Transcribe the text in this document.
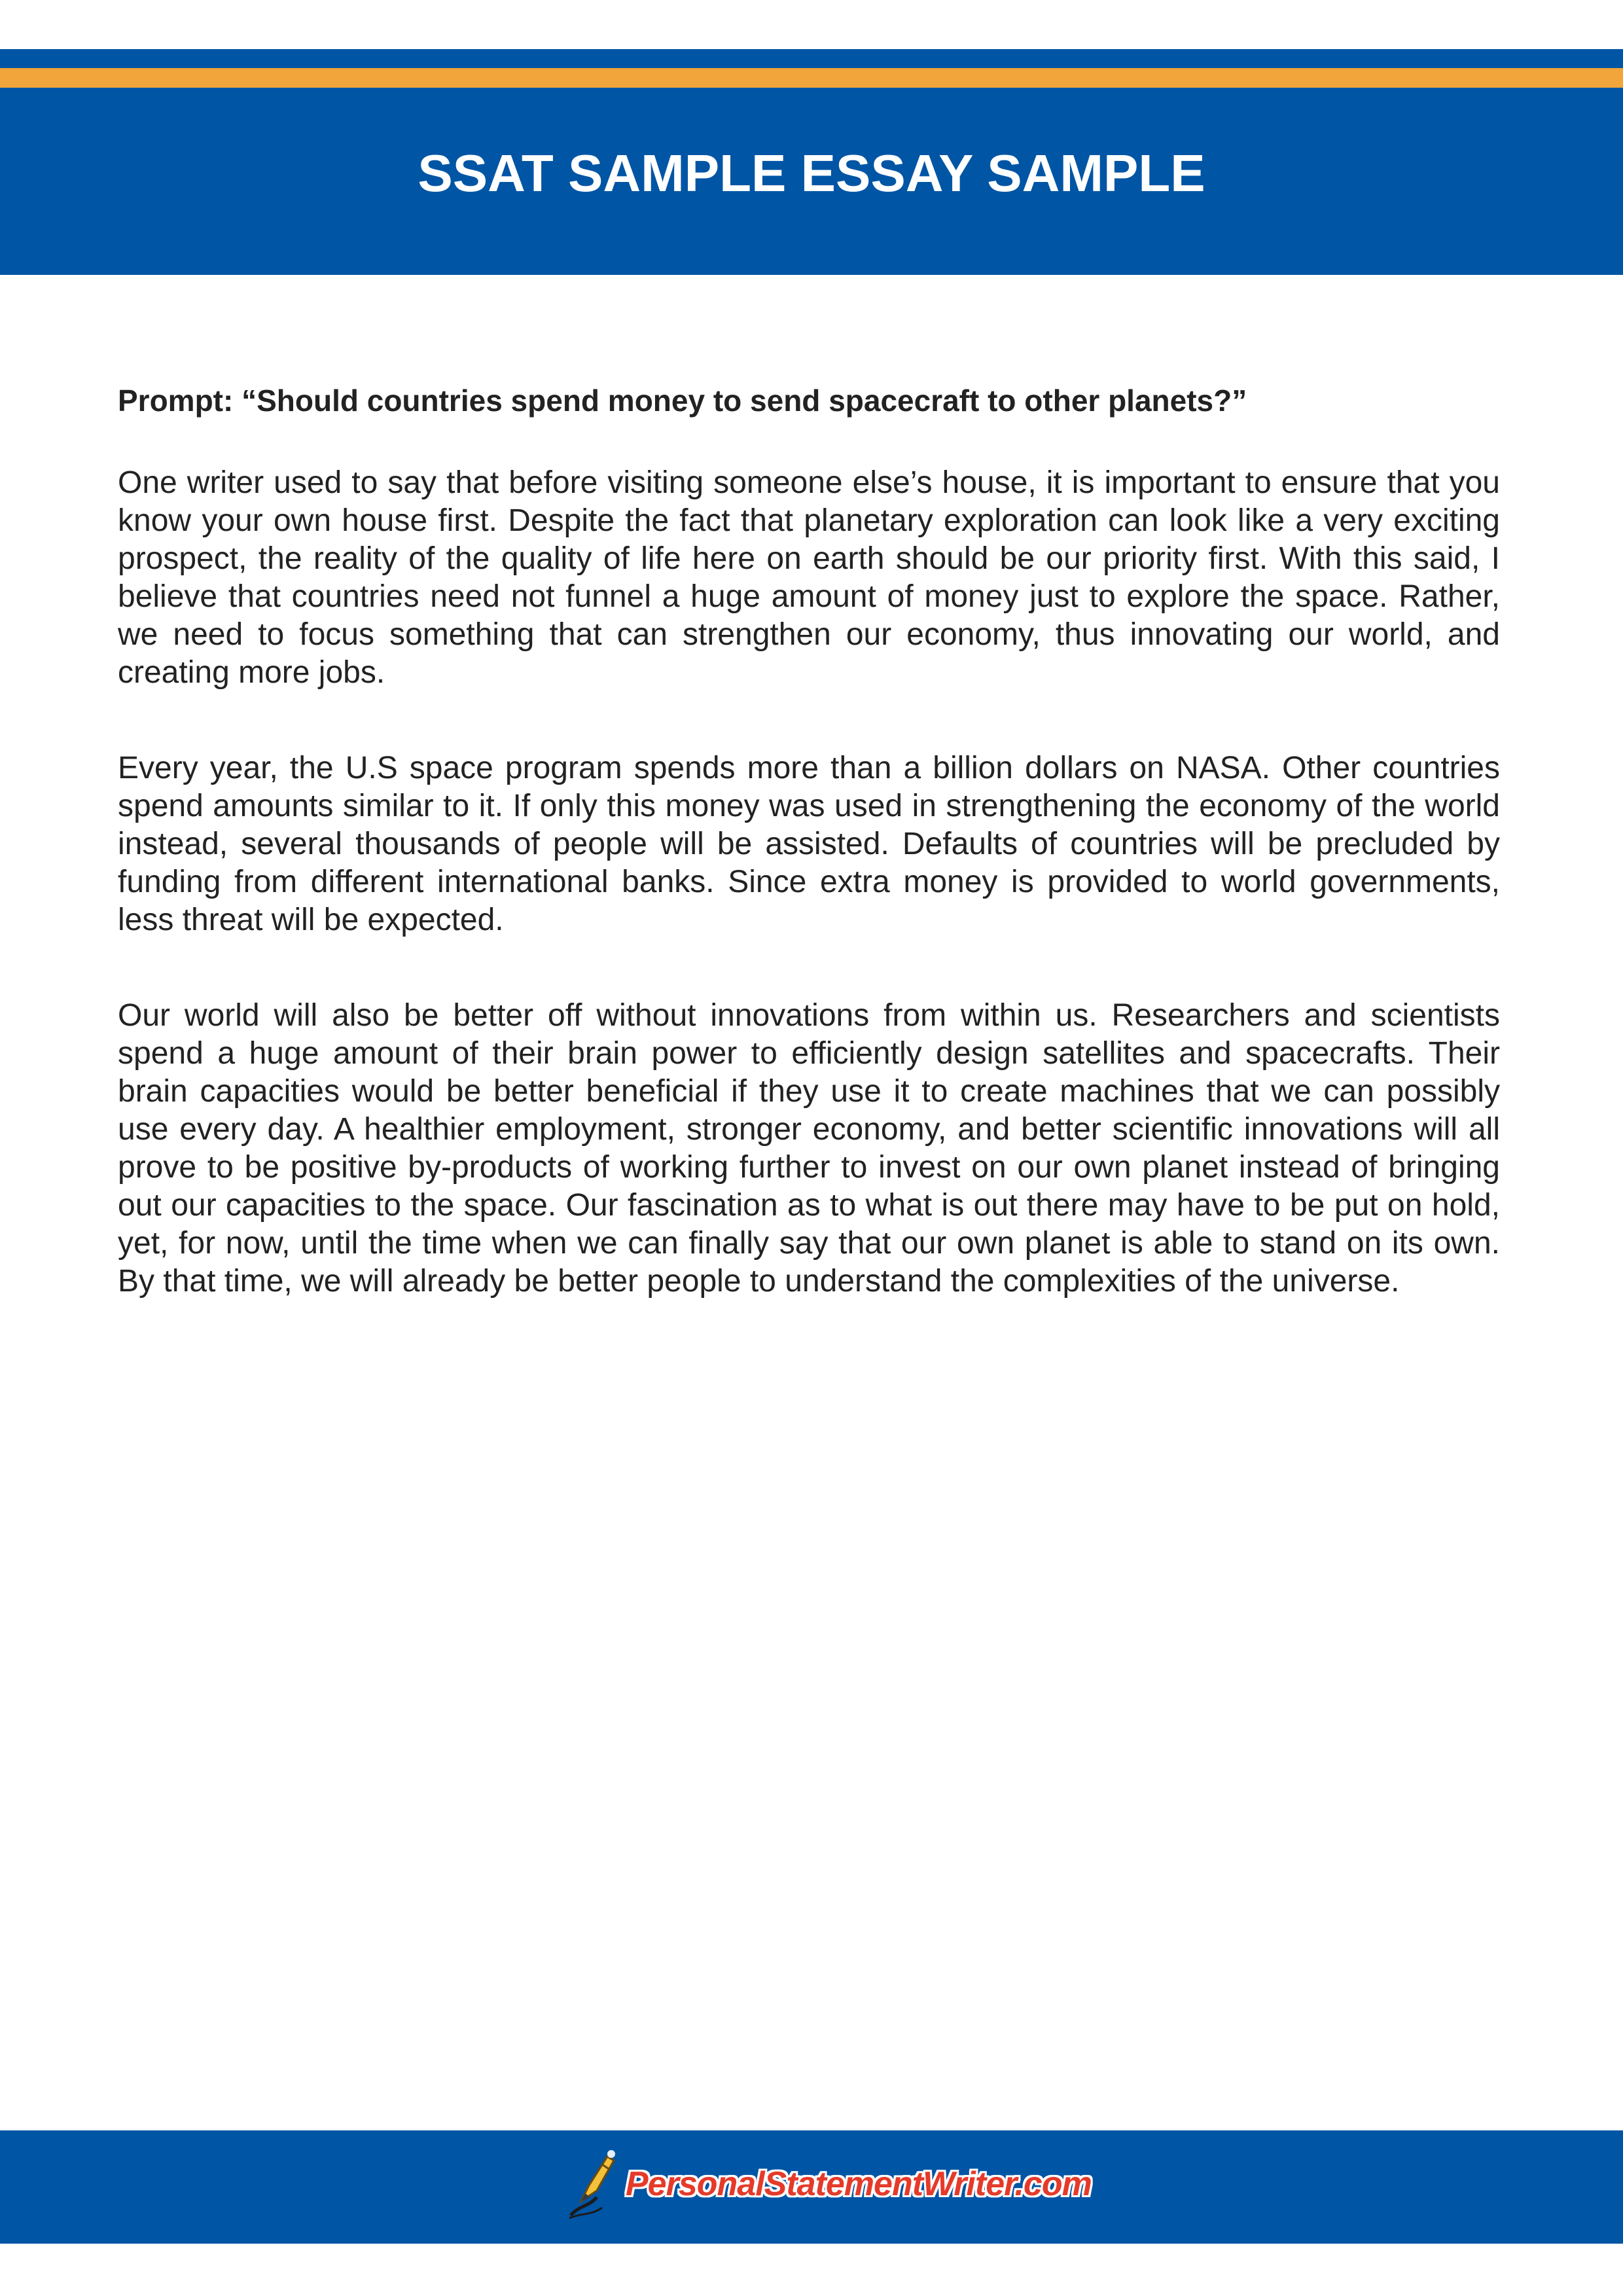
SSAT SAMPLE ESSAY SAMPLE

Prompt: “Should countries spend money to send spacecraft to other planets?”

One writer used to say that before visiting someone else’s house, it is important to ensure that you know your own house first. Despite the fact that planetary exploration can look like a very exciting prospect, the reality of the quality of life here on earth should be our priority first. With this said, I believe that countries need not funnel a huge amount of money just to explore the space. Rather, we need to focus something that can strengthen our economy, thus innovating our world, and creating more jobs.

Every year, the U.S space program spends more than a billion dollars on NASA. Other countries spend amounts similar to it. If only this money was used in strengthening the economy of the world instead, several thousands of people will be assisted. Defaults of countries will be precluded by funding from different international banks. Since extra money is provided to world governments, less threat will be expected.

Our world will also be better off without innovations from within us. Researchers and scientists spend a huge amount of their brain power to efficiently design satellites and spacecrafts. Their brain capacities would be better beneficial if they use it to create machines that we can possibly use every day. A healthier employment, stronger economy, and better scientific innovations will all prove to be positive by-products of working further to invest on our own planet instead of bringing out our capacities to the space. Our fascination as to what is out there may have to be put on hold, yet, for now, until the time when we can finally say that our own planet is able to stand on its own. By that time, we will already be better people to understand the complexities of the universe.

PersonalStatementWriter.com
